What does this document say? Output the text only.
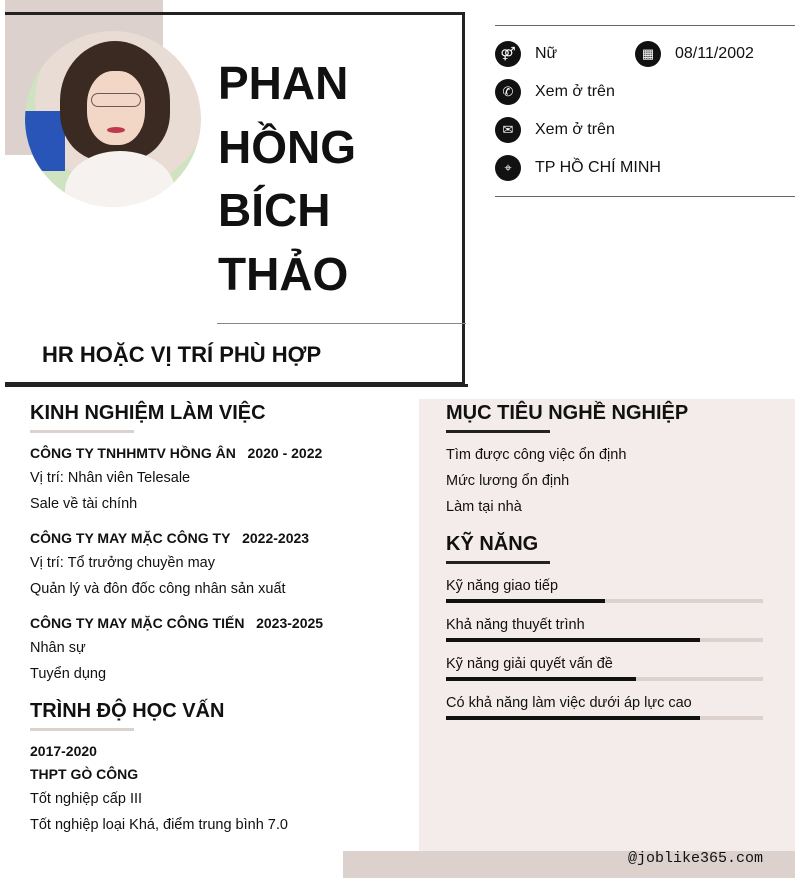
PHAN
HỒNG
BÍCH
THẢO
HR HOẶC VỊ TRÍ PHÙ HỢP
⚤	Nữ	▦	08/11/2002
✆	Xem ở trên
✉	Xem ở trên
⌖	TP HỒ CHÍ MINH
KINH NGHIỆM LÀM VIỆC
CÔNG TY TNHHMTV HỒNG ÂN 2020 - 2022
Vị trí: Nhân viên Telesale
Sale về tài chính
CÔNG TY MAY MẶC CÔNG TY 2022-2023
Vị trí: Tổ trưởng chuyền may
Quản lý và đôn đốc công nhân sản xuất
CÔNG TY MAY MẶC CÔNG TIẾN 2023-2025
Nhân sự
Tuyển dụng
TRÌNH ĐỘ HỌC VẤN
2017-2020
THPT GÒ CÔNG
Tốt nghiệp cấp III
Tốt nghiệp loại Khá, điểm trung bình 7.0
MỤC TIÊU NGHỀ NGHIỆP
Tìm được công việc ổn định
Mức lương ổn định
Làm tại nhà
KỸ NĂNG
Kỹ năng giao tiếp
Khả năng thuyết trình
Kỹ năng giải quyết vấn đề
Có khả năng làm việc dưới áp lực cao
@joblike365.com
